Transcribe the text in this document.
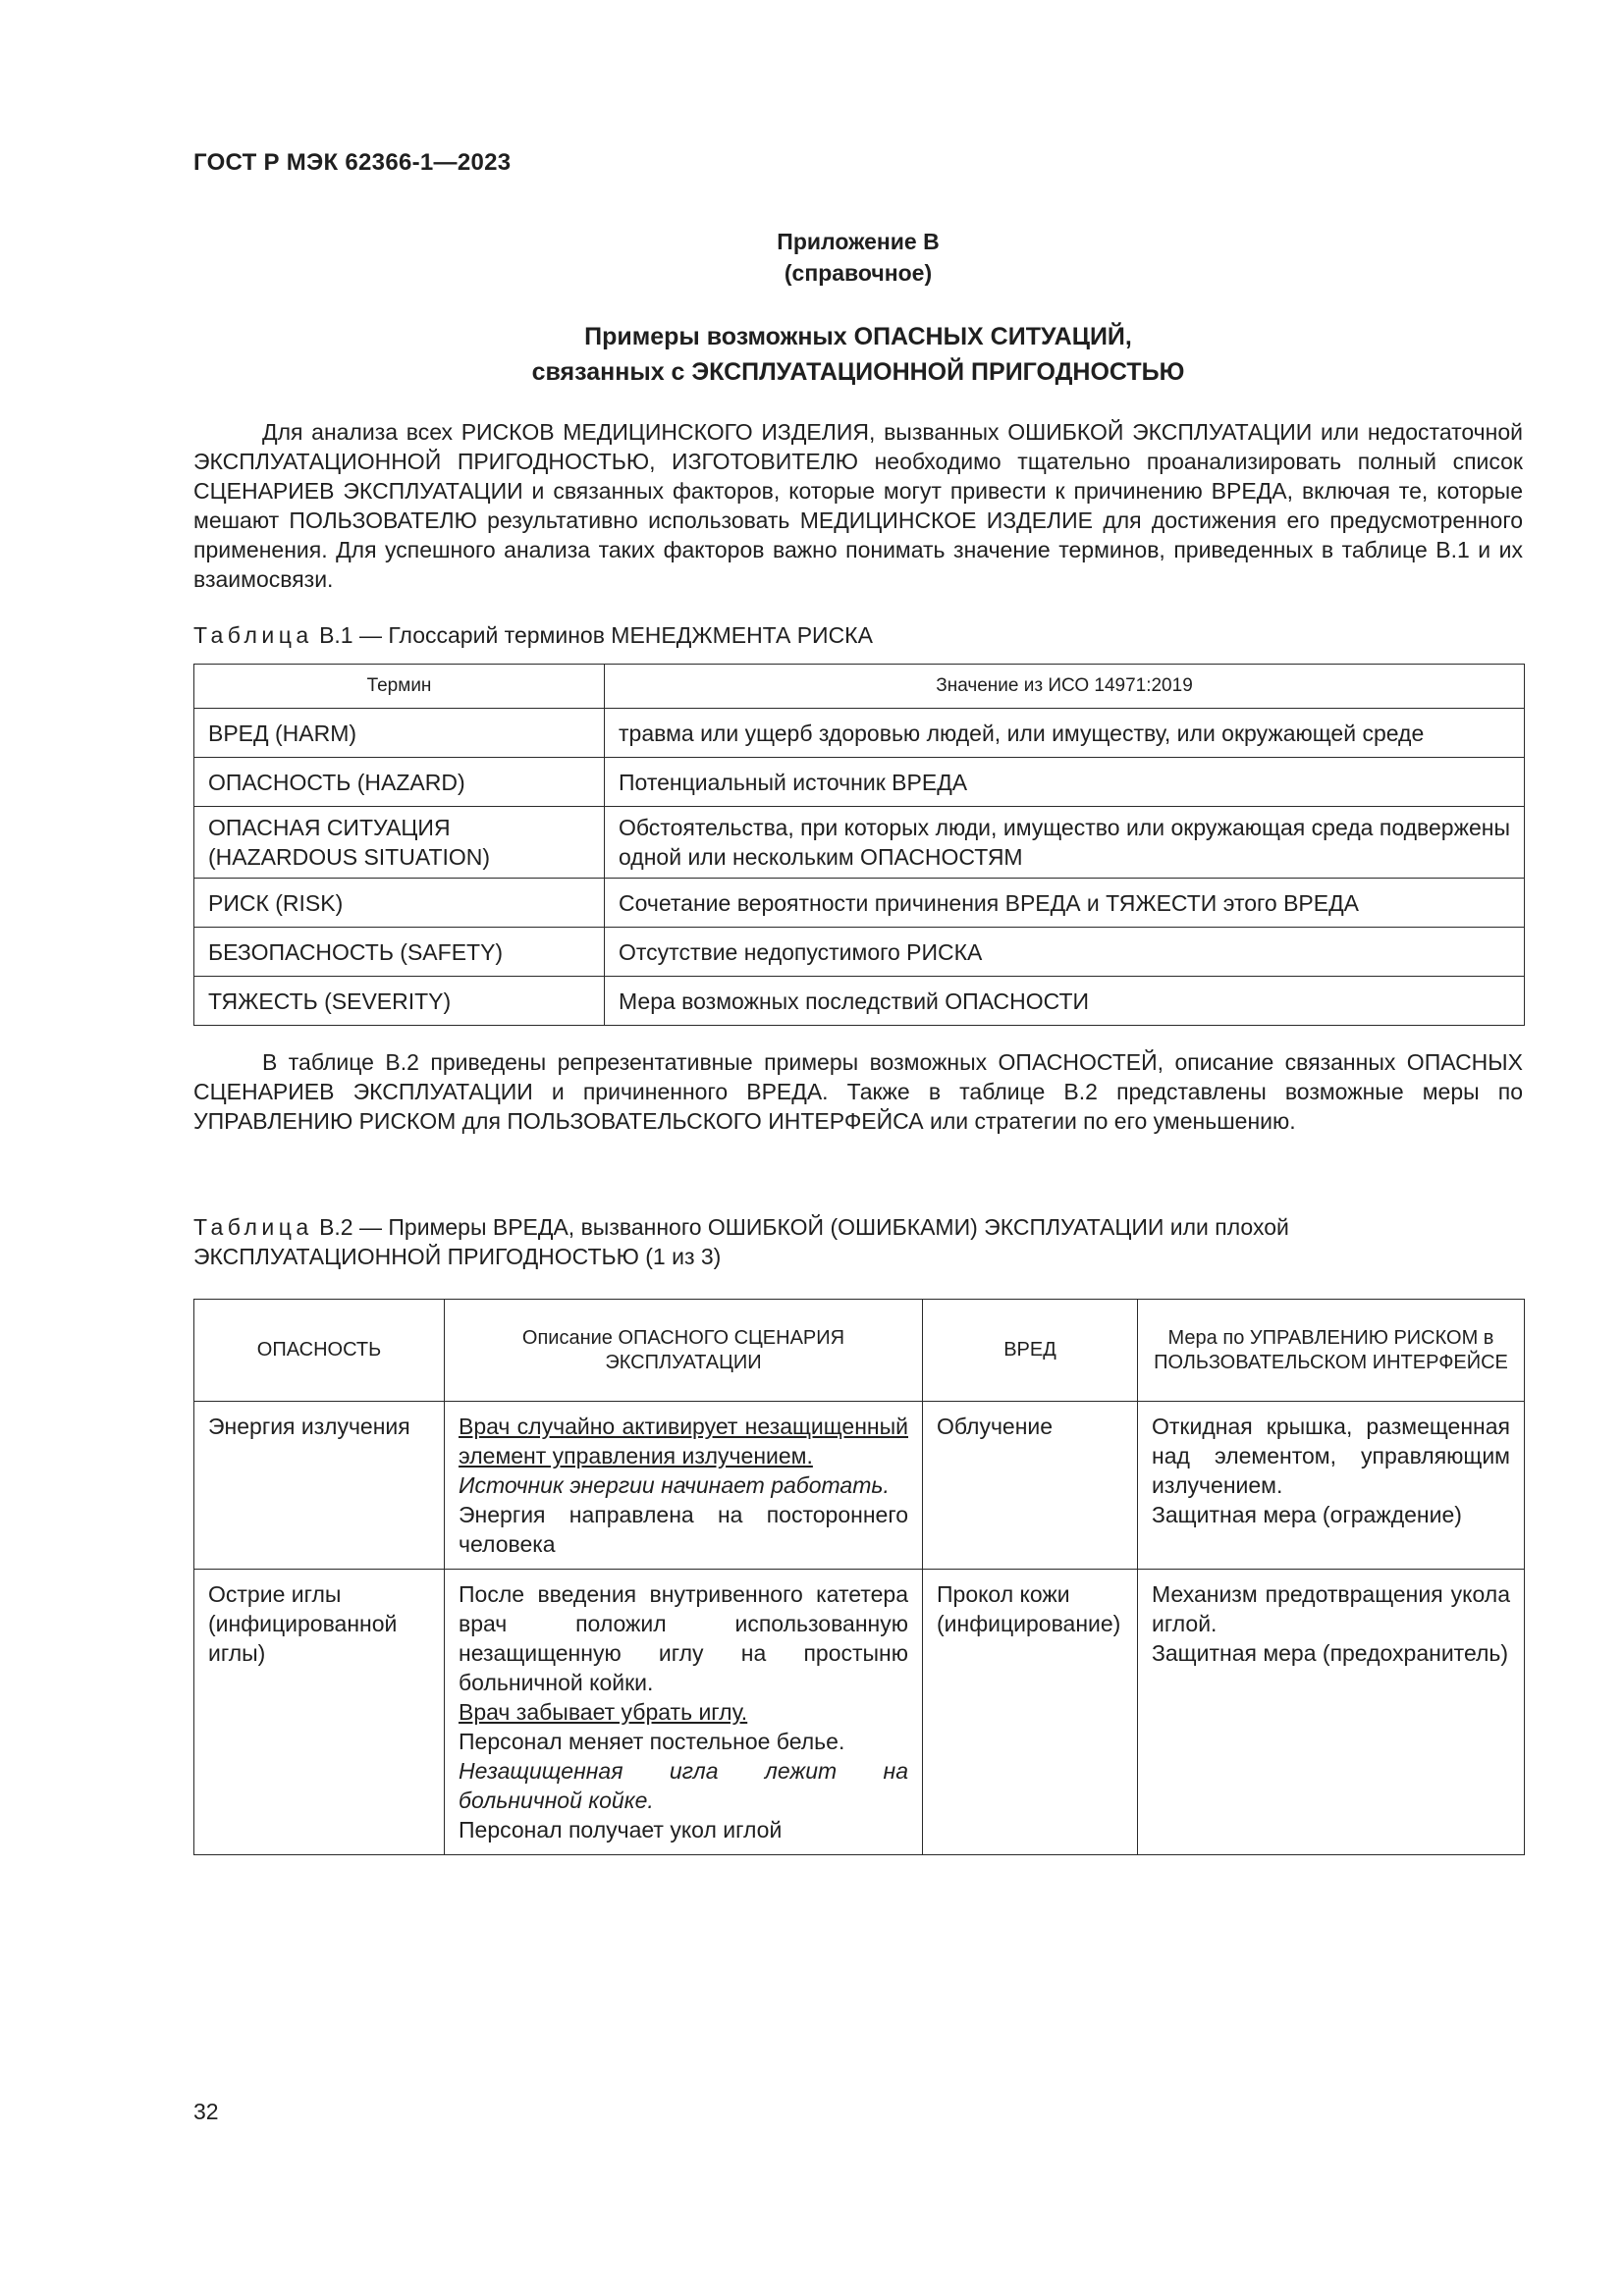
ГОСТ Р МЭК 62366-1—2023
Приложение В
(справочное)
Примеры возможных ОПАСНЫХ СИТУАЦИЙ,
связанных с ЭКСПЛУАТАЦИОННОЙ ПРИГОДНОСТЬЮ
Для анализа всех РИСКОВ МЕДИЦИНСКОГО ИЗДЕЛИЯ, вызванных ОШИБКОЙ ЭКСПЛУАТАЦИИ или недостаточной ЭКСПЛУАТАЦИОННОЙ ПРИГОДНОСТЬЮ, ИЗГОТОВИТЕЛЮ необходимо тщательно проанализировать полный список СЦЕНАРИЕВ ЭКСПЛУАТАЦИИ и связанных факторов, которые могут привести к причинению ВРЕДА, включая те, которые мешают ПОЛЬЗОВАТЕЛЮ результативно использовать МЕДИЦИНСКОЕ ИЗДЕЛИЕ для достижения его предусмотренного применения. Для успешного анализа таких факторов важно понимать значение терминов, приведенных в таблице В.1 и их взаимосвязи.
Таблица В.1 — Глоссарий терминов МЕНЕДЖМЕНТА РИСКА
Термин	Значение из ИСО 14971:2019
ВРЕД (HARM)	травма или ущерб здоровью людей, или имуществу, или окружающей среде
ОПАСНОСТЬ (HAZARD)	Потенциальный источник ВРЕДА
ОПАСНАЯ СИТУАЦИЯ (HAZARDOUS SITUATION)	Обстоятельства, при которых люди, имущество или окружающая среда подвержены одной или нескольким ОПАСНОСТЯМ
РИСК (RISK)	Сочетание вероятности причинения ВРЕДА и ТЯЖЕСТИ этого ВРЕДА
БЕЗОПАСНОСТЬ (SAFETY)	Отсутствие недопустимого РИСКА
ТЯЖЕСТЬ (SEVERITY)	Мера возможных последствий ОПАСНОСТИ
В таблице В.2 приведены репрезентативные примеры возможных ОПАСНОСТЕЙ, описание связанных ОПАСНЫХ СЦЕНАРИЕВ ЭКСПЛУАТАЦИИ и причиненного ВРЕДА. Также в таблице В.2 представлены возможные меры по УПРАВЛЕНИЮ РИСКОМ для ПОЛЬЗОВАТЕЛЬСКОГО ИНТЕРФЕЙСА или стратегии по его уменьшению.
Таблица В.2 — Примеры ВРЕДА, вызванного ОШИБКОЙ (ОШИБКАМИ) ЭКСПЛУАТАЦИИ или плохой ЭКСПЛУАТАЦИОННОЙ ПРИГОДНОСТЬЮ (1 из 3)
ОПАСНОСТЬ	Описание ОПАСНОГО СЦЕНАРИЯ ЭКСПЛУАТАЦИИ	ВРЕД	Мера по УПРАВЛЕНИЮ РИСКОМ в ПОЛЬЗОВАТЕЛЬСКОМ ИНТЕРФЕЙСЕ
Энергия излучения	Врач случайно активирует незащищенный элемент управления излучением.
Источник энергии начинает работать.
Энергия направлена на постороннего человека	Облучение	Откидная крышка, размещенная над элементом, управляющим излучением.
Защитная мера (ограждение)

Острие иглы (инфицированной иглы)	После введения внутривенного катетера врач положил использованную незащищенную иглу на простыню больничной койки.
Врач забывает убрать иглу.
Персонал меняет постельное белье.
Незащищенная игла лежит на больничной койке.
Персонал получает укол иглой	Прокол кожи (инфицирование)	Механизм предотвращения укола иглой.
Защитная мера (предохранитель)
32
